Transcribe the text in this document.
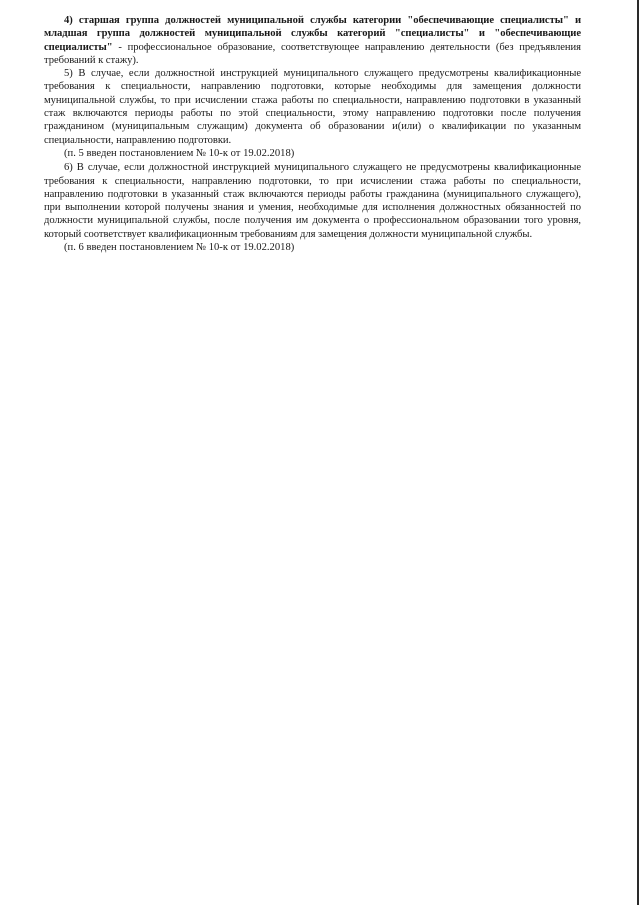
4) старшая группа должностей муниципальной службы категории "обеспечивающие специалисты" и младшая группа должностей муниципальной службы категорий "специалисты" и "обеспечивающие специалисты" - профессиональное образование, соответствующее направлению деятельности (без предъявления требований к стажу).

5) В случае, если должностной инструкцией муниципального служащего предусмотрены квалификационные требования к специальности, направлению подготовки, которые необходимы для замещения должности муниципальной службы, то при исчислении стажа работы по специальности, направлению подготовки в указанный стаж включаются периоды работы по этой специальности, этому направлению подготовки после получения гражданином (муниципальным служащим) документа об образовании и(или) о квалификации по указанным специальности, направлению подготовки.

(п. 5 введен постановлением № 10-к от 19.02.2018)

6) В случае, если должностной инструкцией муниципального служащего не предусмотрены квалификационные требования к специальности, направлению подготовки, то при исчислении стажа работы по специальности, направлению подготовки в указанный стаж включаются периоды работы гражданина (муниципального служащего), при выполнении которой получены знания и умения, необходимые для исполнения должностных обязанностей по должности муниципальной службы, после получения им документа о профессиональном образовании того уровня, который соответствует квалификационным требованиям для замещения должности муниципальной службы.

(п. 6 введен постановлением № 10-к от 19.02.2018)
